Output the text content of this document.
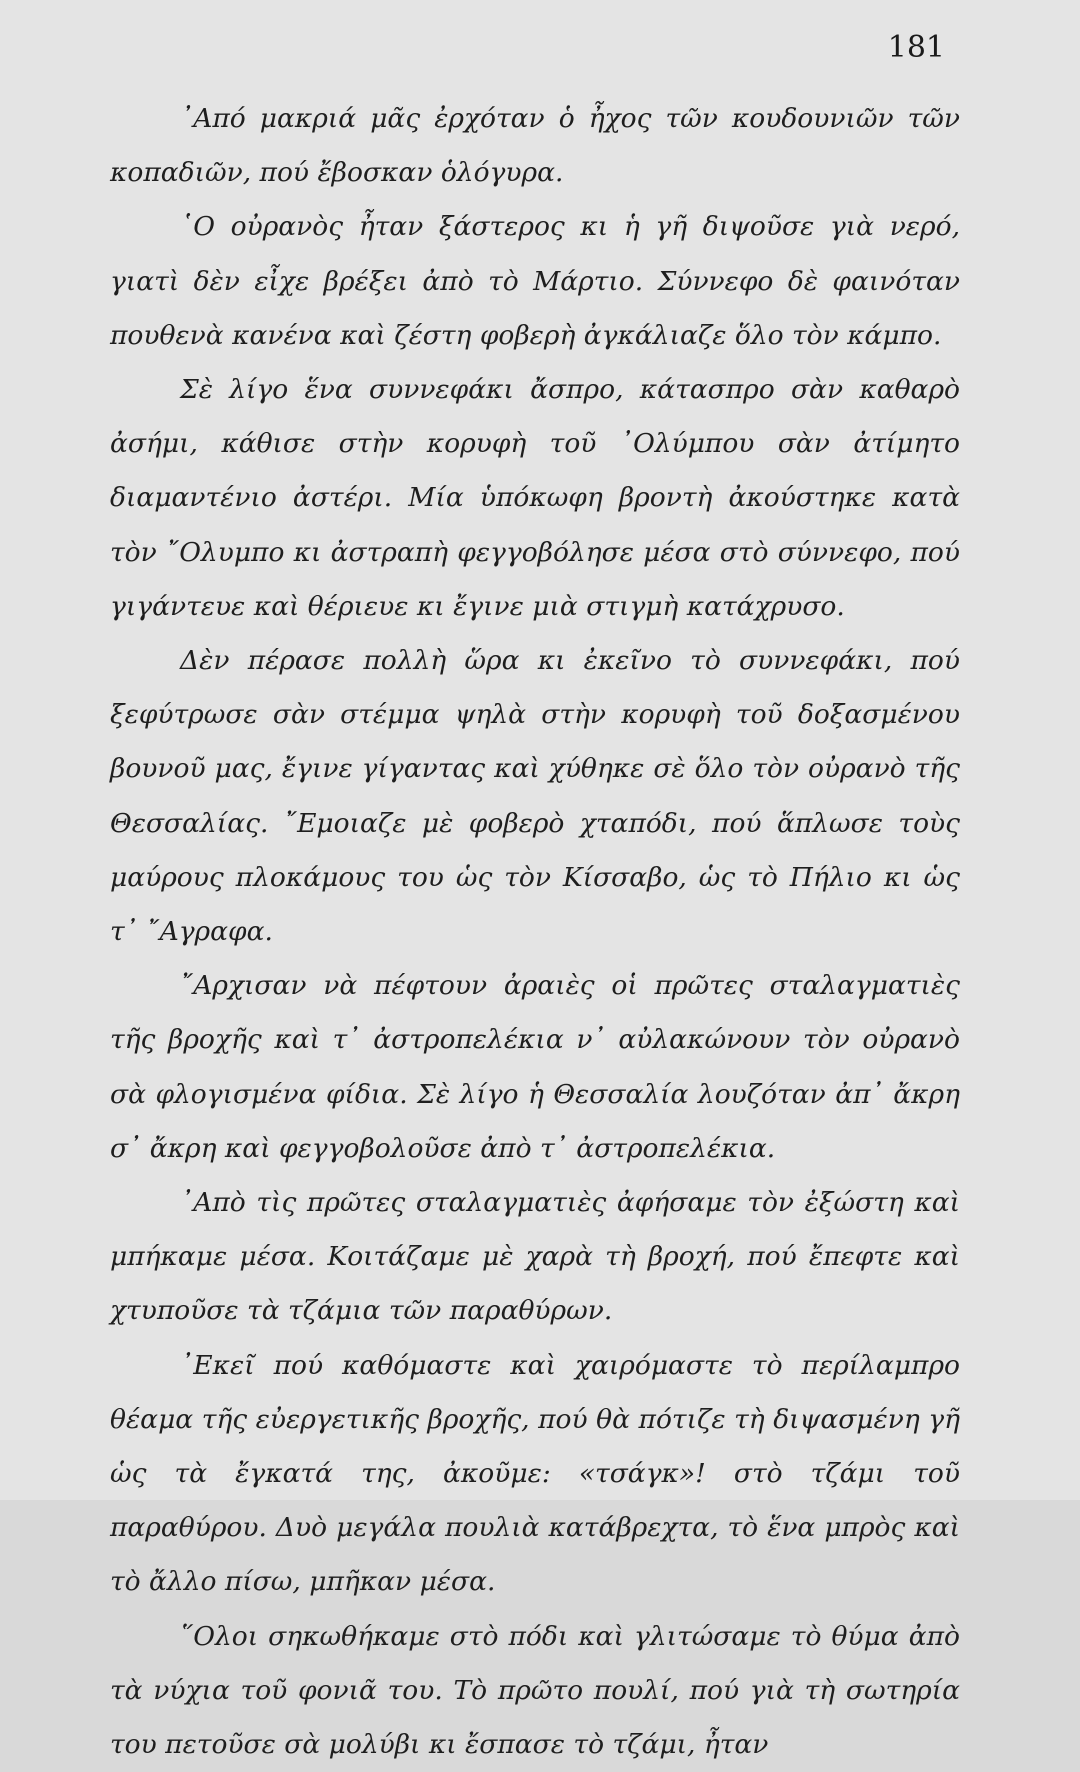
181

᾿Από μακριά μᾶς ἐρχόταν ὁ ἦχος τῶν κουδουνιῶν τῶν κοπαδιῶν, πού ἔβοσκαν ὁλόγυρα.

῾Ο οὐρανὸς ἦταν ξάστερος κι ἡ γῆ διψοῦσε γιὰ νερό, γιατὶ δὲν εἶχε βρέξει ἀπὸ τὸ Μάρτιο. Σύννεφο δὲ φαινόταν πουθενὰ κανένα καὶ ζέστη φοβερὴ ἀγκάλιαζε ὅλο τὸν κάμπο.

Σὲ λίγο ἕνα συννεφάκι ἄσπρο, κάτασπρο σὰν καθαρὸ ἀσήμι, κάθισε στὴν κορυφὴ τοῦ ᾿Ολύμπου σὰν ἀτίμητο διαμαντένιο ἀστέρι. Μία ὑπόκωφη βροντὴ ἀκούστηκε κατὰ τὸν ῎Ολυμπο κι ἀστραπὴ φεγγοβόλησε μέσα στὸ σύννεφο, πού γιγάντευε καὶ θέριευε κι ἔγινε μιὰ στιγμὴ κατάχρυσο.

Δὲν πέρασε πολλὴ ὥρα κι ἐκεῖνο τὸ συννεφάκι, πού ξεφύτρωσε σὰν στέμμα ψηλὰ στὴν κορυφὴ τοῦ δοξασμένου βουνοῦ μας, ἔγινε γίγαντας καὶ χύθηκε σὲ ὅλο τὸν οὐρανὸ τῆς Θεσσαλίας. ῎Εμοιαζε μὲ φοβερὸ χταπόδι, πού ἅπλωσε τοὺς μαύρους πλοκάμους του ὡς τὸν Κίσσαβο, ὡς τὸ Πήλιο κι ὡς τ᾿ ῎Αγραφα.

῎Αρχισαν νὰ πέφτουν ἀραιὲς οἱ πρῶτες σταλαγματιὲς τῆς βροχῆς καὶ τ᾿ ἀστροπελέκια ν᾿ αὐλακώνουν τὸν οὐρανὸ σὰ φλογισμένα φίδια. Σὲ λίγο ἡ Θεσσαλία λουζόταν ἀπ᾿ ἄκρη σ᾿ ἄκρη καὶ φεγγοβολοῦσε ἀπὸ τ᾿ ἀστροπελέκια.

᾿Απὸ τὶς πρῶτες σταλαγματιὲς ἀφήσαμε τὸν ἐξώστη καὶ μπήκαμε μέσα. Κοιτάζαμε μὲ χαρὰ τὴ βροχή, πού ἔπεφτε καὶ χτυποῦσε τὰ τζάμια τῶν παραθύρων.

᾿Εκεῖ πού καθόμαστε καὶ χαιρόμαστε τὸ περίλαμπρο θέαμα τῆς εὐεργετικῆς βροχῆς, πού θὰ πότιζε τὴ διψασμένη γῆ ὡς τὰ ἔγκατά της, ἀκοῦμε: «τσάγκ»! στὸ τζάμι τοῦ παραθύρου. Δυὸ μεγάλα πουλιὰ κατάβρεχτα, τὸ ἕνα μπρὸς καὶ τὸ ἄλλο πίσω, μπῆκαν μέσα.

῞Ολοι σηκωθήκαμε στὸ πόδι καὶ γλιτώσαμε τὸ θύμα ἀπὸ τὰ νύχια τοῦ φονιᾶ του. Τὸ πρῶτο πουλί, πού γιὰ τὴ σωτηρία του πετοῦσε σὰ μολύβι κι ἔσπασε τὸ τζάμι, ἦταν
